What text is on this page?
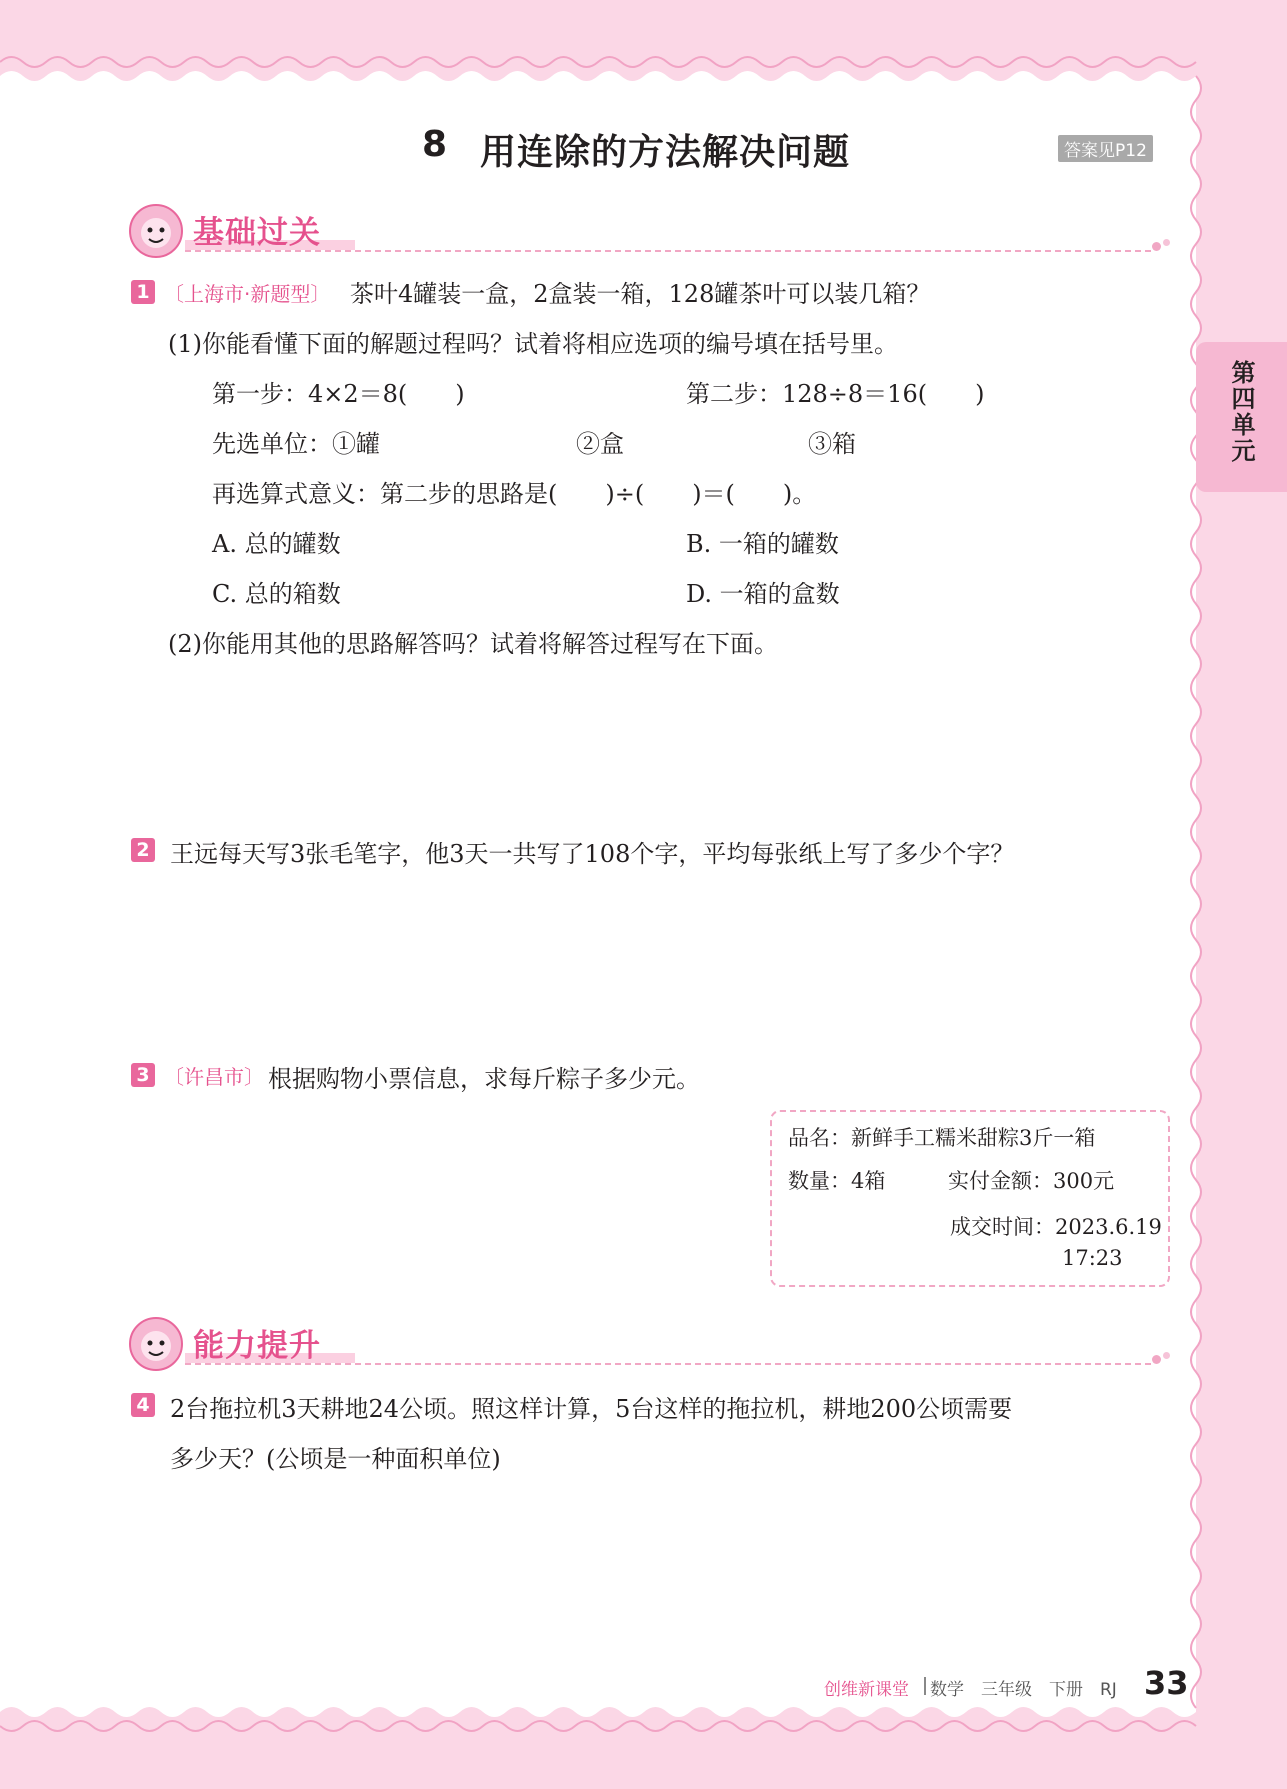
8 用连除的方法解决问题	答案见P12
第四单元
基础过关
1 〔上海市·新题型〕 茶叶4罐装一盒，2盒装一箱，128罐茶叶可以装几箱？
(1)你能看懂下面的解题过程吗？试着将相应选项的编号填在括号里。
第一步：4×2＝8(　　)	第二步：128÷8＝16(　　)
先选单位：①罐	②盒	③箱
再选算式意义：第二步的思路是(　　)÷(　　)＝(　　)。
A. 总的罐数	B. 一箱的罐数
C. 总的箱数	D. 一箱的盒数
(2)你能用其他的思路解答吗？试着将解答过程写在下面。
2 王远每天写3张毛笔字，他3天一共写了108个字，平均每张纸上写了多少个字？
3 〔许昌市〕 根据购物小票信息，求每斤粽子多少元。
品名：新鲜手工糯米甜粽3斤一箱
数量：4箱	实付金额：300元
成交时间：2023.6.19
17:23
能力提升
4 2台拖拉机3天耕地24公顷。照这样计算，5台这样的拖拉机，耕地200公顷需要
多少天？(公顷是一种面积单位)
创维新课堂 数学　三年级　下册　RJ 33
